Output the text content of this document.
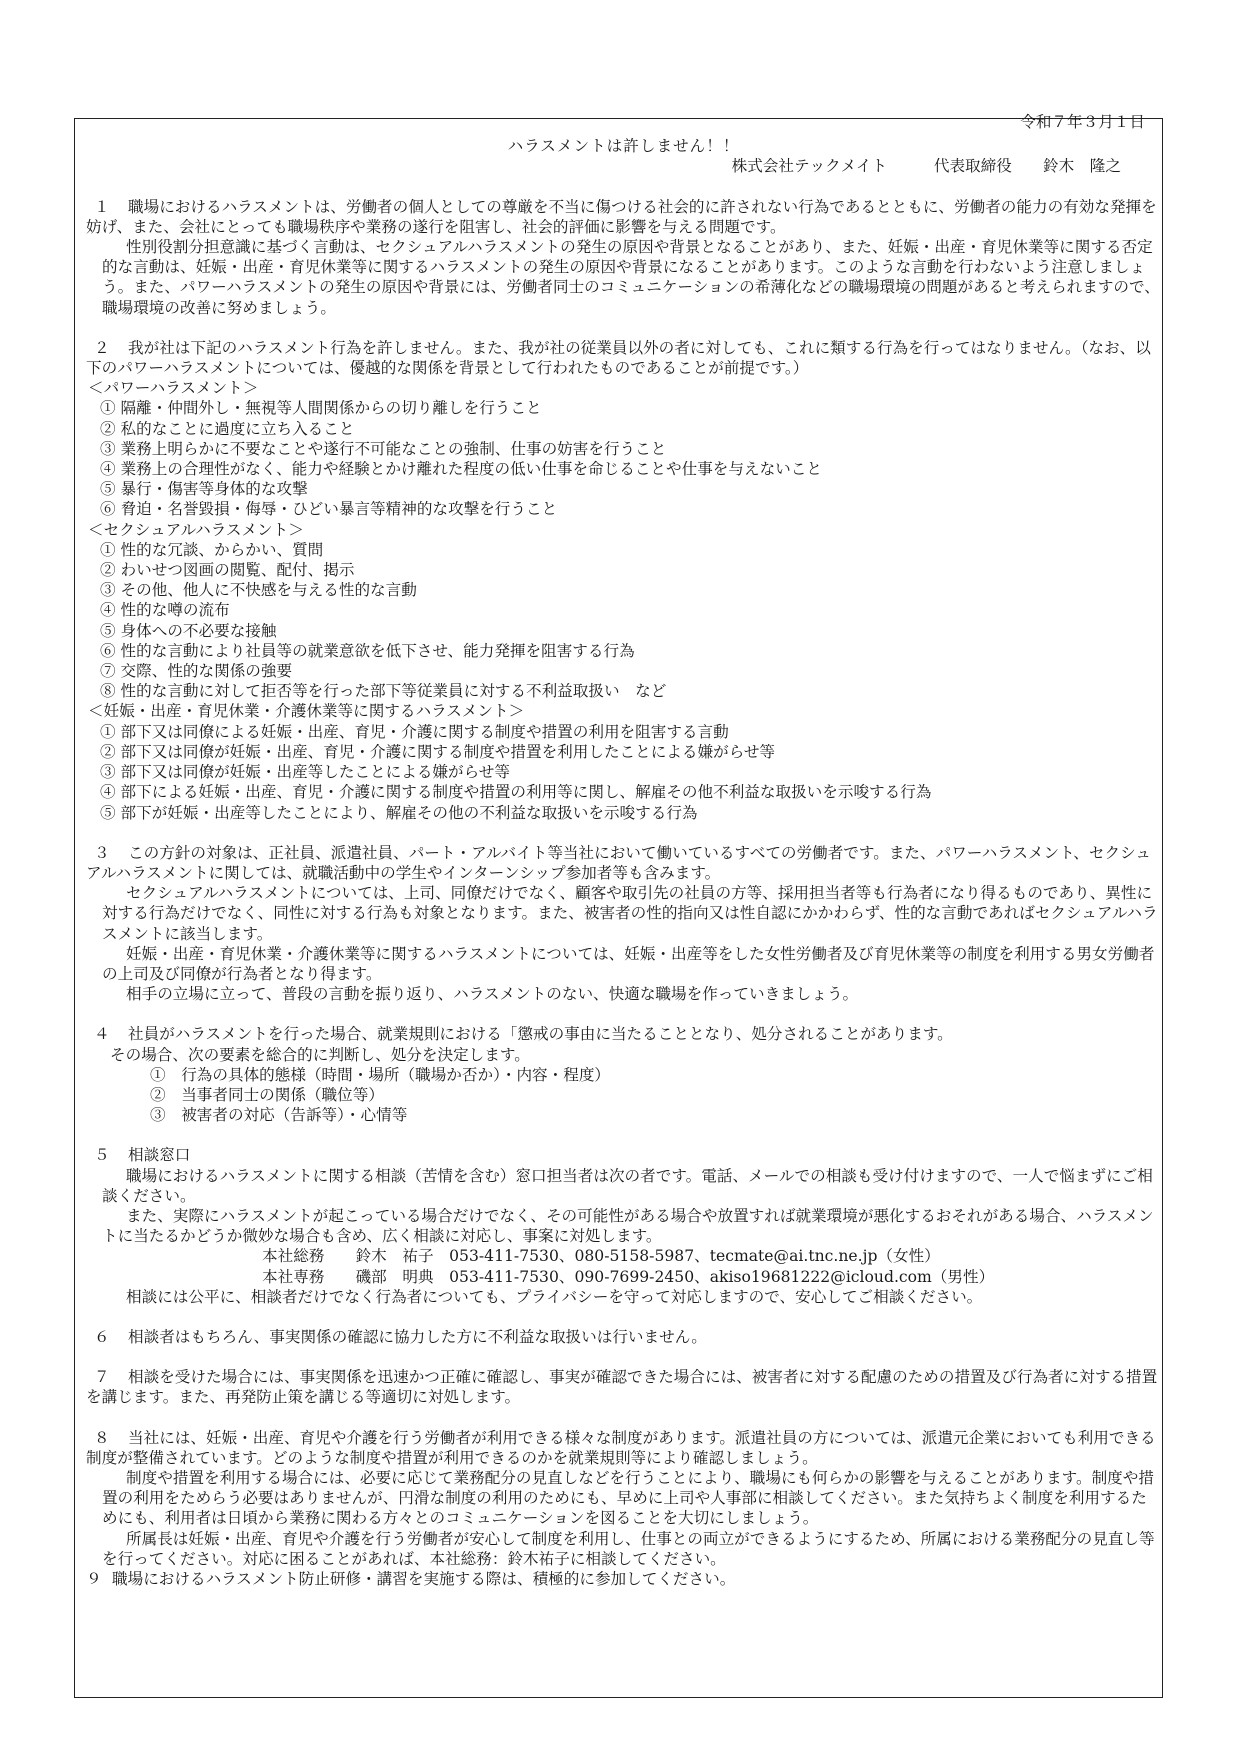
令和７年３月１日
ハラスメントは許しません！！
株式会社テックメイト　　　代表取締役　　鈴木　隆之

１ 職場におけるハラスメントは、労働者の個人としての尊厳を不当に傷つける社会的に許されない行為であるとともに、労働者の能力の有効な発揮を妨げ、また、会社にとっても職場秩序や業務の遂行を阻害し、社会的評価に影響を与える問題です。

性別役割分担意識に基づく言動は、セクシュアルハラスメントの発生の原因や背景となることがあり、また、妊娠・出産・育児休業等に関する否定的な言動は、妊娠・出産・育児休業等に関するハラスメントの発生の原因や背景になることがあります。このような言動を行わないよう注意しましょう。また、パワーハラスメントの発生の原因や背景には、労働者同士のコミュニケーションの希薄化などの職場環境の問題があると考えられますので、職場環境の改善に努めましょう。

２ 我が社は下記のハラスメント行為を許しません。また、我が社の従業員以外の者に対しても、これに類する行為を行ってはなりません。（なお、以下のパワーハラスメントについては、優越的な関係を背景として行われたものであることが前提です。）

＜パワーハラスメント＞

① 隔離・仲間外し・無視等人間関係からの切り離しを行うこと

② 私的なことに過度に立ち入ること

③ 業務上明らかに不要なことや遂行不可能なことの強制、仕事の妨害を行うこと

④ 業務上の合理性がなく、能力や経験とかけ離れた程度の低い仕事を命じることや仕事を与えないこと

⑤ 暴行・傷害等身体的な攻撃

⑥ 脅迫・名誉毀損・侮辱・ひどい暴言等精神的な攻撃を行うこと

＜セクシュアルハラスメント＞

① 性的な冗談、からかい、質問

② わいせつ図画の閲覧、配付、掲示

③ その他、他人に不快感を与える性的な言動

④ 性的な噂の流布

⑤ 身体への不必要な接触

⑥ 性的な言動により社員等の就業意欲を低下させ、能力発揮を阻害する行為

⑦ 交際、性的な関係の強要

⑧ 性的な言動に対して拒否等を行った部下等従業員に対する不利益取扱い　など

＜妊娠・出産・育児休業・介護休業等に関するハラスメント＞

① 部下又は同僚による妊娠・出産、育児・介護に関する制度や措置の利用を阻害する言動

② 部下又は同僚が妊娠・出産、育児・介護に関する制度や措置を利用したことによる嫌がらせ等

③ 部下又は同僚が妊娠・出産等したことによる嫌がらせ等

④ 部下による妊娠・出産、育児・介護に関する制度や措置の利用等に関し、解雇その他不利益な取扱いを示唆する行為

⑤ 部下が妊娠・出産等したことにより、解雇その他の不利益な取扱いを示唆する行為

３ この方針の対象は、正社員、派遣社員、パート・アルバイト等当社において働いているすべての労働者です。また、パワーハラスメント、セクシュアルハラスメントに関しては、就職活動中の学生やインターンシップ参加者等も含みます。

セクシュアルハラスメントについては、上司、同僚だけでなく、顧客や取引先の社員の方等、採用担当者等も行為者になり得るものであり、異性に対する行為だけでなく、同性に対する行為も対象となります。また、被害者の性的指向又は性自認にかかわらず、性的な言動であればセクシュアルハラスメントに該当します。

妊娠・出産・育児休業・介護休業等に関するハラスメントについては、妊娠・出産等をした女性労働者及び育児休業等の制度を利用する男女労働者の上司及び同僚が行為者となり得ます。

相手の立場に立って、普段の言動を振り返り、ハラスメントのない、快適な職場を作っていきましょう。

４ 社員がハラスメントを行った場合、就業規則における「懲戒の事由に当たることとなり、処分されることがあります。

その場合、次の要素を総合的に判断し、処分を決定します。

①　行為の具体的態様（時間・場所（職場か否か）・内容・程度）

②　当事者同士の関係（職位等）

③　被害者の対応（告訴等）・心情等

５ 相談窓口

職場におけるハラスメントに関する相談（苦情を含む）窓口担当者は次の者です。電話、メールでの相談も受け付けますので、一人で悩まずにご相談ください。

また、実際にハラスメントが起こっている場合だけでなく、その可能性がある場合や放置すれば就業環境が悪化するおそれがある場合、ハラスメントに当たるかどうか微妙な場合も含め、広く相談に対応し、事案に対処します。

本社総務　　鈴木　祐子　053-411-7530、080-5158-5987、tecmate@ai.tnc.ne.jp（女性）

本社専務　　磯部　明典　053-411-7530、090-7699-2450、akiso19681222@icloud.com（男性）

相談には公平に、相談者だけでなく行為者についても、プライバシーを守って対応しますので、安心してご相談ください。

６ 相談者はもちろん、事実関係の確認に協力した方に不利益な取扱いは行いません。

７ 相談を受けた場合には、事実関係を迅速かつ正確に確認し、事実が確認できた場合には、被害者に対する配慮のための措置及び行為者に対する措置を講じます。また、再発防止策を講じる等適切に対処します。

８ 当社には、妊娠・出産、育児や介護を行う労働者が利用できる様々な制度があります。派遣社員の方については、派遣元企業においても利用できる制度が整備されています。どのような制度や措置が利用できるのかを就業規則等により確認しましょう。

制度や措置を利用する場合には、必要に応じて業務配分の見直しなどを行うことにより、職場にも何らかの影響を与えることがあります。制度や措置の利用をためらう必要はありませんが、円滑な制度の利用のためにも、早めに上司や人事部に相談してください。また気持ちよく制度を利用するためにも、利用者は日頃から業務に関わる方々とのコミュニケーションを図ることを大切にしましょう。

所属長は妊娠・出産、育児や介護を行う労働者が安心して制度を利用し、仕事との両立ができるようにするため、所属における業務配分の見直し等を行ってください。対応に困ることがあれば、本社総務：鈴木祐子に相談してください。

９ 職場におけるハラスメント防止研修・講習を実施する際は、積極的に参加してください。
